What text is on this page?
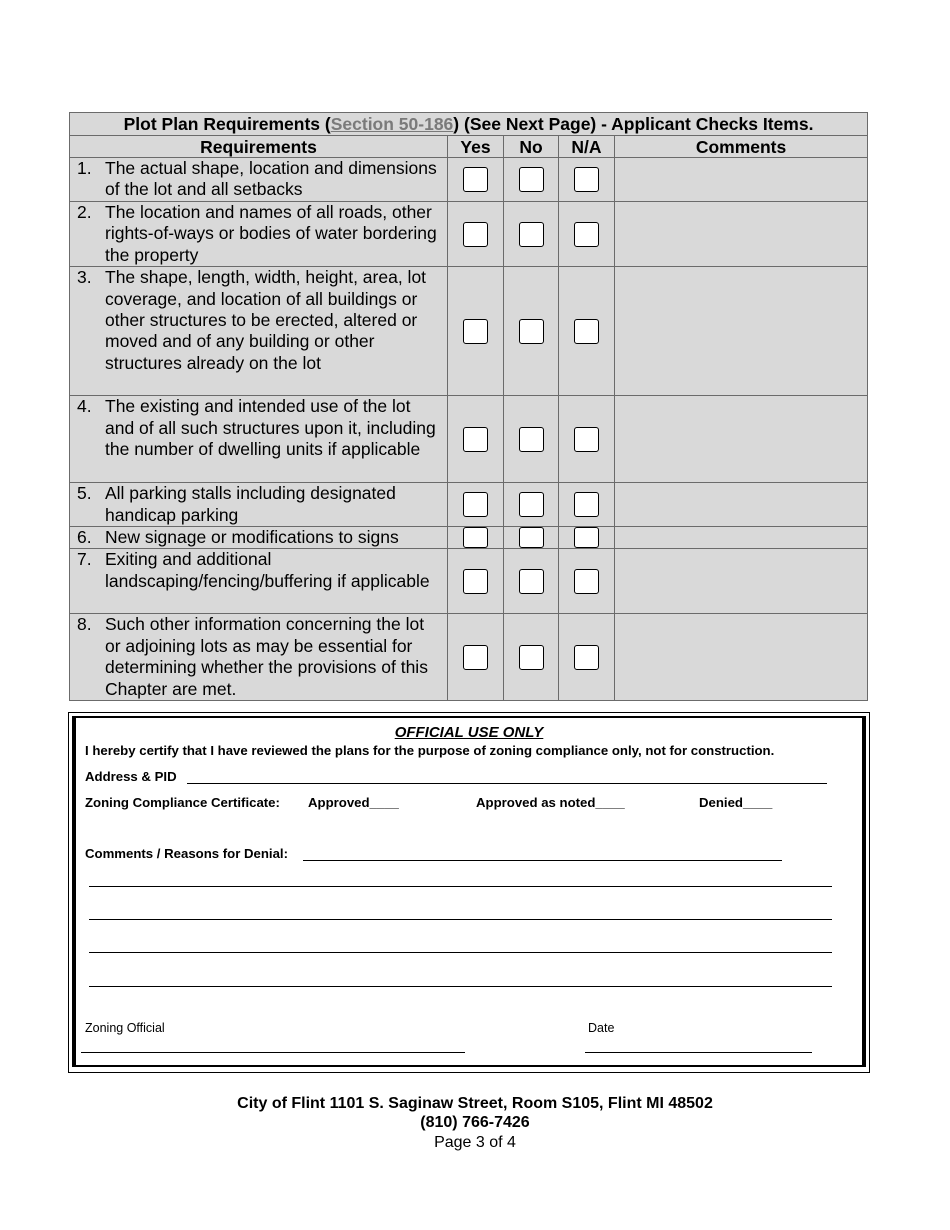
Plot Plan Requirements (Section 50-186) (See Next Page) - Applicant Checks Items.				
Requirements	Yes	No	N/A	Comments

1. The actual shape, location and dimensions of the lot and all setbacks				

2. The location and names of all roads, other rights-of-ways or bodies of water bordering the property				

3. The shape, length, width, height, area, lot coverage, and location of all buildings or other structures to be erected, altered or moved and of any building or other structures already on the lot				

4. The existing and intended use of the lot and of all such structures upon it, including the number of dwelling units if applicable				

5. All parking stalls including designated handicap parking				

6. New signage or modifications to signs				

7. Exiting and additional landscaping/fencing/buffering if applicable				

8. Such other information concerning the lot or adjoining lots as may be essential for determining whether the provisions of this Chapter are met.				

OFFICIAL USE ONLY
I hereby certify that I have reviewed the plans for the purpose of zoning compliance only, not for construction.
Address & PID
Zoning Compliance Certificate: Approved____	Approved as noted____	Denied____
Comments / Reasons for Denial:
Zoning Official	Date
City of Flint 1101 S. Saginaw Street, Room S105, Flint MI 48502
(810) 766-7426
Page 3 of 4
